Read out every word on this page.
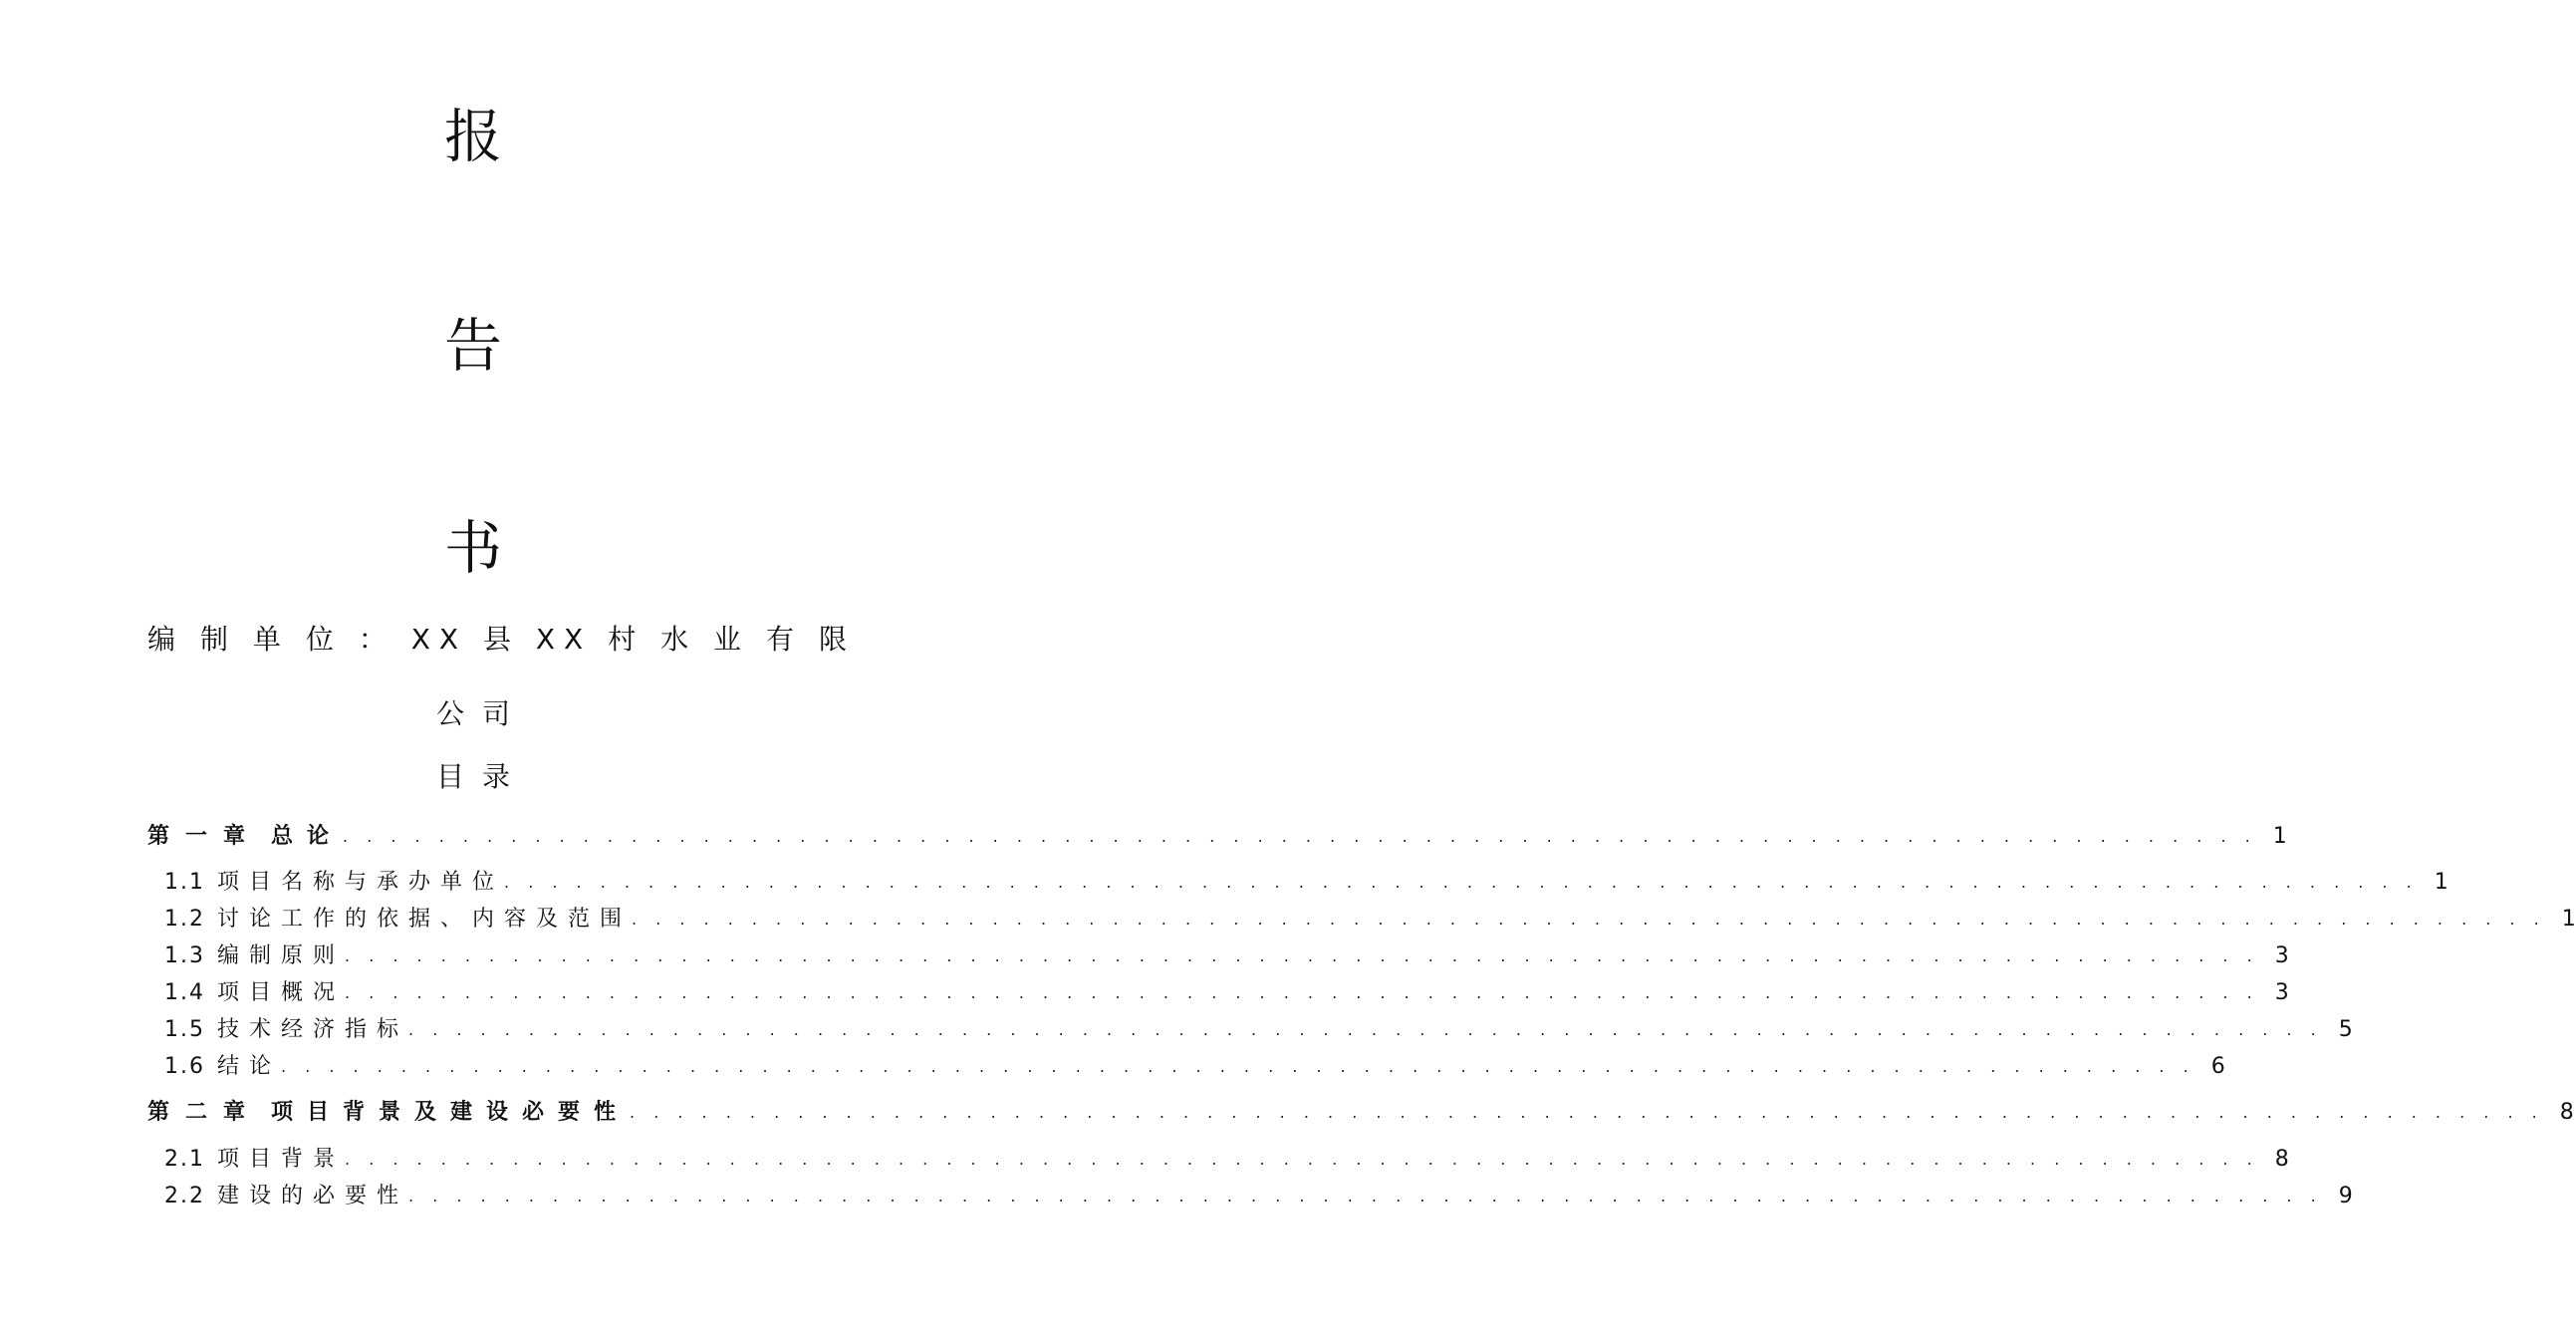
报
告
书
编 制 单 位 ： X X 县 X X 村 水 业 有 限
公司
目录
第一章 总论 . . . . . . . . . . . . . . . . . . . . . . . . . . . . . . . . . . . . . . . . . . . . . . . . . . . . . . . . . . . . . . . . . . . . . . . . . . . . . . . . 1
1.1 项目名称与承办单位 . . . . . . . . . . . . . . . . . . . . . . . . . . . . . . . . . . . . . . . . . . . . . . . . . . . . . . . . . . . . . . . . . . . . . . . . . . . . . . . . 1
1.2 讨论工作的依据、内容及范围 . . . . . . . . . . . . . . . . . . . . . . . . . . . . . . . . . . . . . . . . . . . . . . . . . . . . . . . . . . . . . . . . . . . . . . . . . . . . . . . . 1
1.3 编制原则 . . . . . . . . . . . . . . . . . . . . . . . . . . . . . . . . . . . . . . . . . . . . . . . . . . . . . . . . . . . . . . . . . . . . . . . . . . . . . . . . 3
1.4 项目概况 . . . . . . . . . . . . . . . . . . . . . . . . . . . . . . . . . . . . . . . . . . . . . . . . . . . . . . . . . . . . . . . . . . . . . . . . . . . . . . . . 3
1.5 技术经济指标 . . . . . . . . . . . . . . . . . . . . . . . . . . . . . . . . . . . . . . . . . . . . . . . . . . . . . . . . . . . . . . . . . . . . . . . . . . . . . . . . 5
1.6 结论 . . . . . . . . . . . . . . . . . . . . . . . . . . . . . . . . . . . . . . . . . . . . . . . . . . . . . . . . . . . . . . . . . . . . . . . . . . . . . . . . 6
第二章 项目背景及建设必要性 . . . . . . . . . . . . . . . . . . . . . . . . . . . . . . . . . . . . . . . . . . . . . . . . . . . . . . . . . . . . . . . . . . . . . . . . . . . . . . . . 8
2.1 项目背景 . . . . . . . . . . . . . . . . . . . . . . . . . . . . . . . . . . . . . . . . . . . . . . . . . . . . . . . . . . . . . . . . . . . . . . . . . . . . . . . . 8
2.2 建设的必要性 . . . . . . . . . . . . . . . . . . . . . . . . . . . . . . . . . . . . . . . . . . . . . . . . . . . . . . . . . . . . . . . . . . . . . . . . . . . . . . . . 9
